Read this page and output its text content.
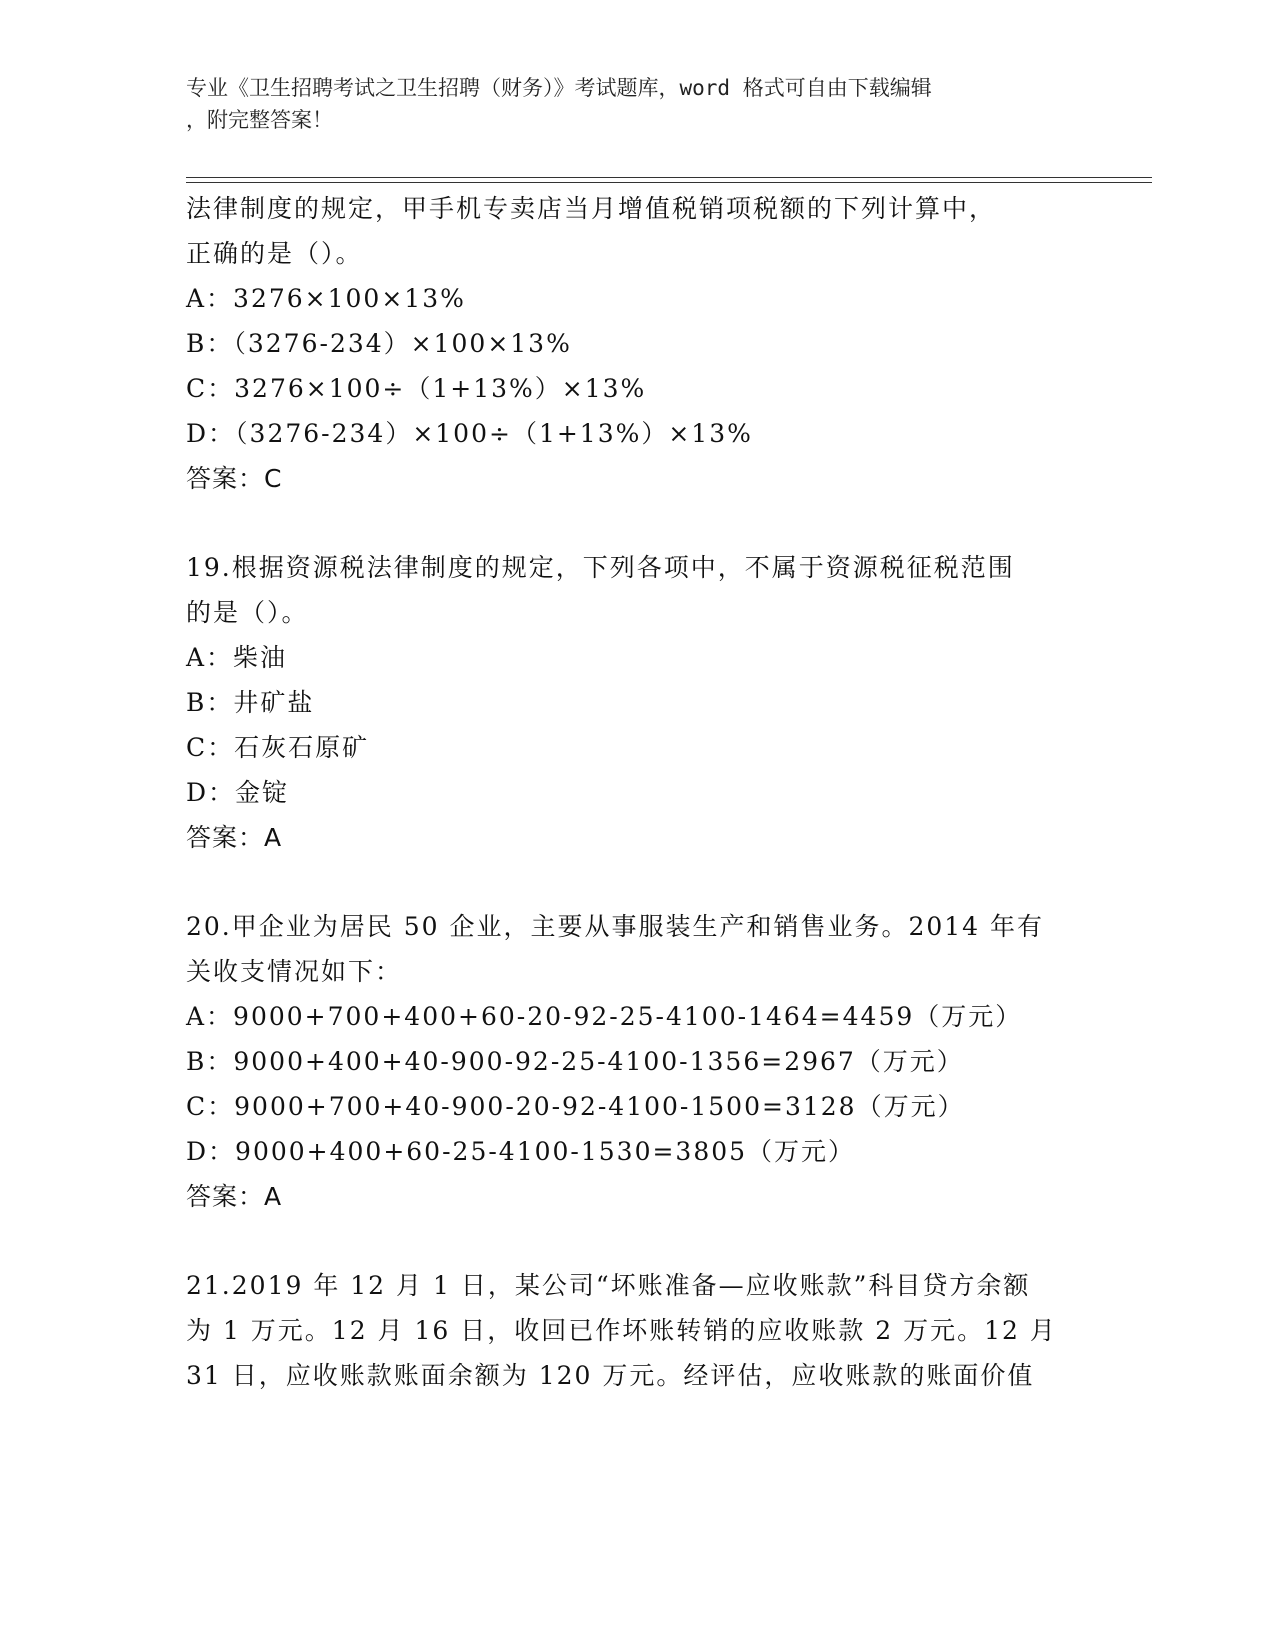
专业《卫生招聘考试之卫生招聘（财务）》考试题库，word 格式可自由下载编辑
，附完整答案！
法律制度的规定，甲手机专卖店当月增值税销项税额的下列计算中，
正确的是（）。
A：3276×100×13%
B：（3276-234）×100×13%
C：3276×100÷（1+13%）×13%
D：（3276-234）×100÷（1+13%）×13%
答案：C
19.根据资源税法律制度的规定，下列各项中，不属于资源税征税范围
的是（）。
A：柴油
B：井矿盐
C：石灰石原矿
D：金锭
答案：A
20.甲企业为居民 50 企业，主要从事服装生产和销售业务。2014 年有
关收支情况如下：
A：9000+700+400+60-20-92-25-4100-1464=4459（万元）
B：9000+400+40-900-92-25-4100-1356=2967（万元）
C：9000+700+40-900-20-92-4100-1500=3128（万元）
D：9000+400+60-25-4100-1530=3805（万元）
答案：A
21.2019 年 12 月 1 日，某公司“坏账准备—应收账款”科目贷方余额
为 1 万元。12 月 16 日，收回已作坏账转销的应收账款 2 万元。12 月
31 日，应收账款账面余额为 120 万元。经评估，应收账款的账面价值
